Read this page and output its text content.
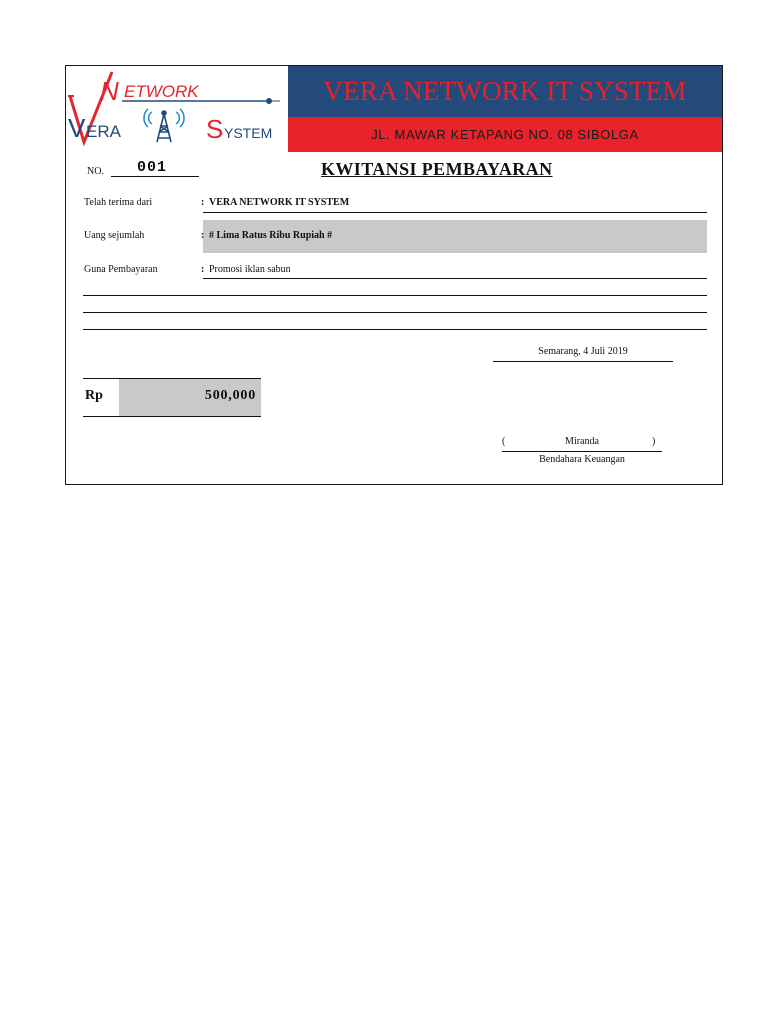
N ETWORK
V ERA	S YSTEM
VERA NETWORK IT SYSTEM
JL. MAWAR KETAPANG NO. 08 SIBOLGA
NO.	001	KWITANSI PEMBAYARAN
Telah terima dari	: VERA NETWORK IT SYSTEM
Uang sejumlah	: # Lima Ratus Ribu Rupiah #
Guna Pembayaran	: Promosi iklan sabun
Semarang, 4 Juli 2019
Rp	500,000
(	Miranda	)
Bendahara Keuangan
